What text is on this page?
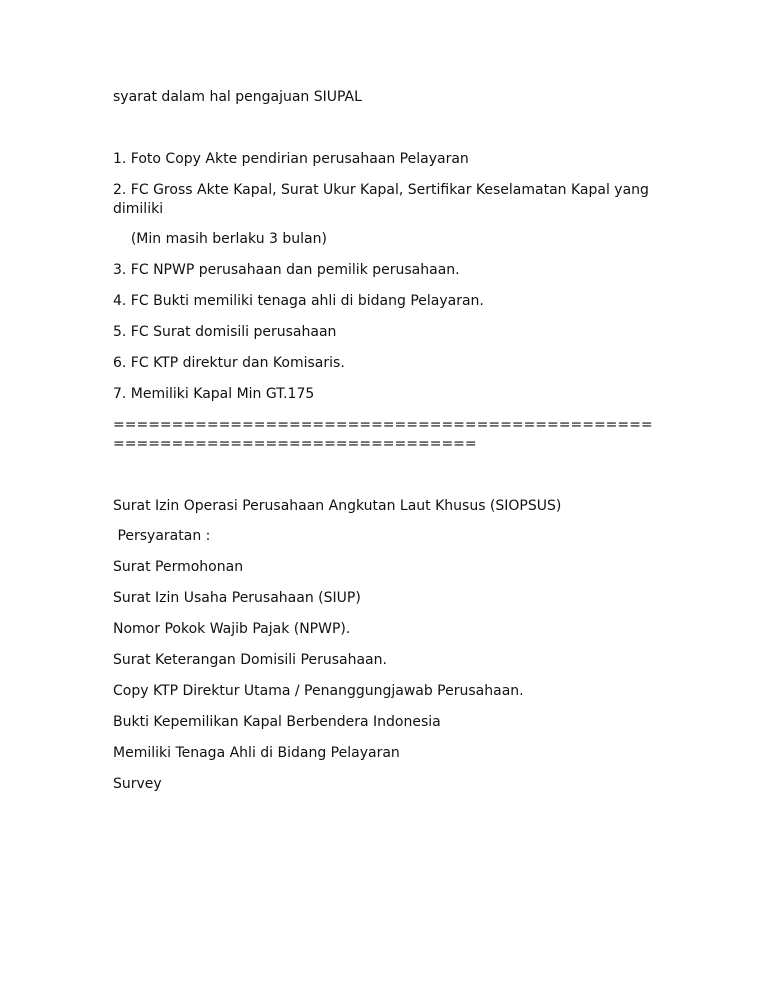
syarat dalam hal pengajuan SIUPAL

1. Foto Copy Akte pendirian perusahaan Pelayaran

2. FC Gross Akte Kapal, Surat Ukur Kapal, Sertifikar Keselamatan Kapal yang dimiliki

(Min masih berlaku 3 bulan)

3. FC NPWP perusahaan dan pemilik perusahaan.

4. FC Bukti memiliki tenaga ahli di bidang Pelayaran.

5. FC Surat domisili perusahaan

6. FC KTP direktur dan Komisaris.

7. Memiliki Kapal Min GT.175

=============================================================================

Surat Izin Operasi Perusahaan Angkutan Laut Khusus (SIOPSUS)

Persyaratan :

Surat Permohonan

Surat Izin Usaha Perusahaan (SIUP)

Nomor Pokok Wajib Pajak (NPWP).

Surat Keterangan Domisili Perusahaan.

Copy KTP Direktur Utama / Penanggungjawab Perusahaan.

Bukti Kepemilikan Kapal Berbendera Indonesia

Memiliki Tenaga Ahli di Bidang Pelayaran

Survey
